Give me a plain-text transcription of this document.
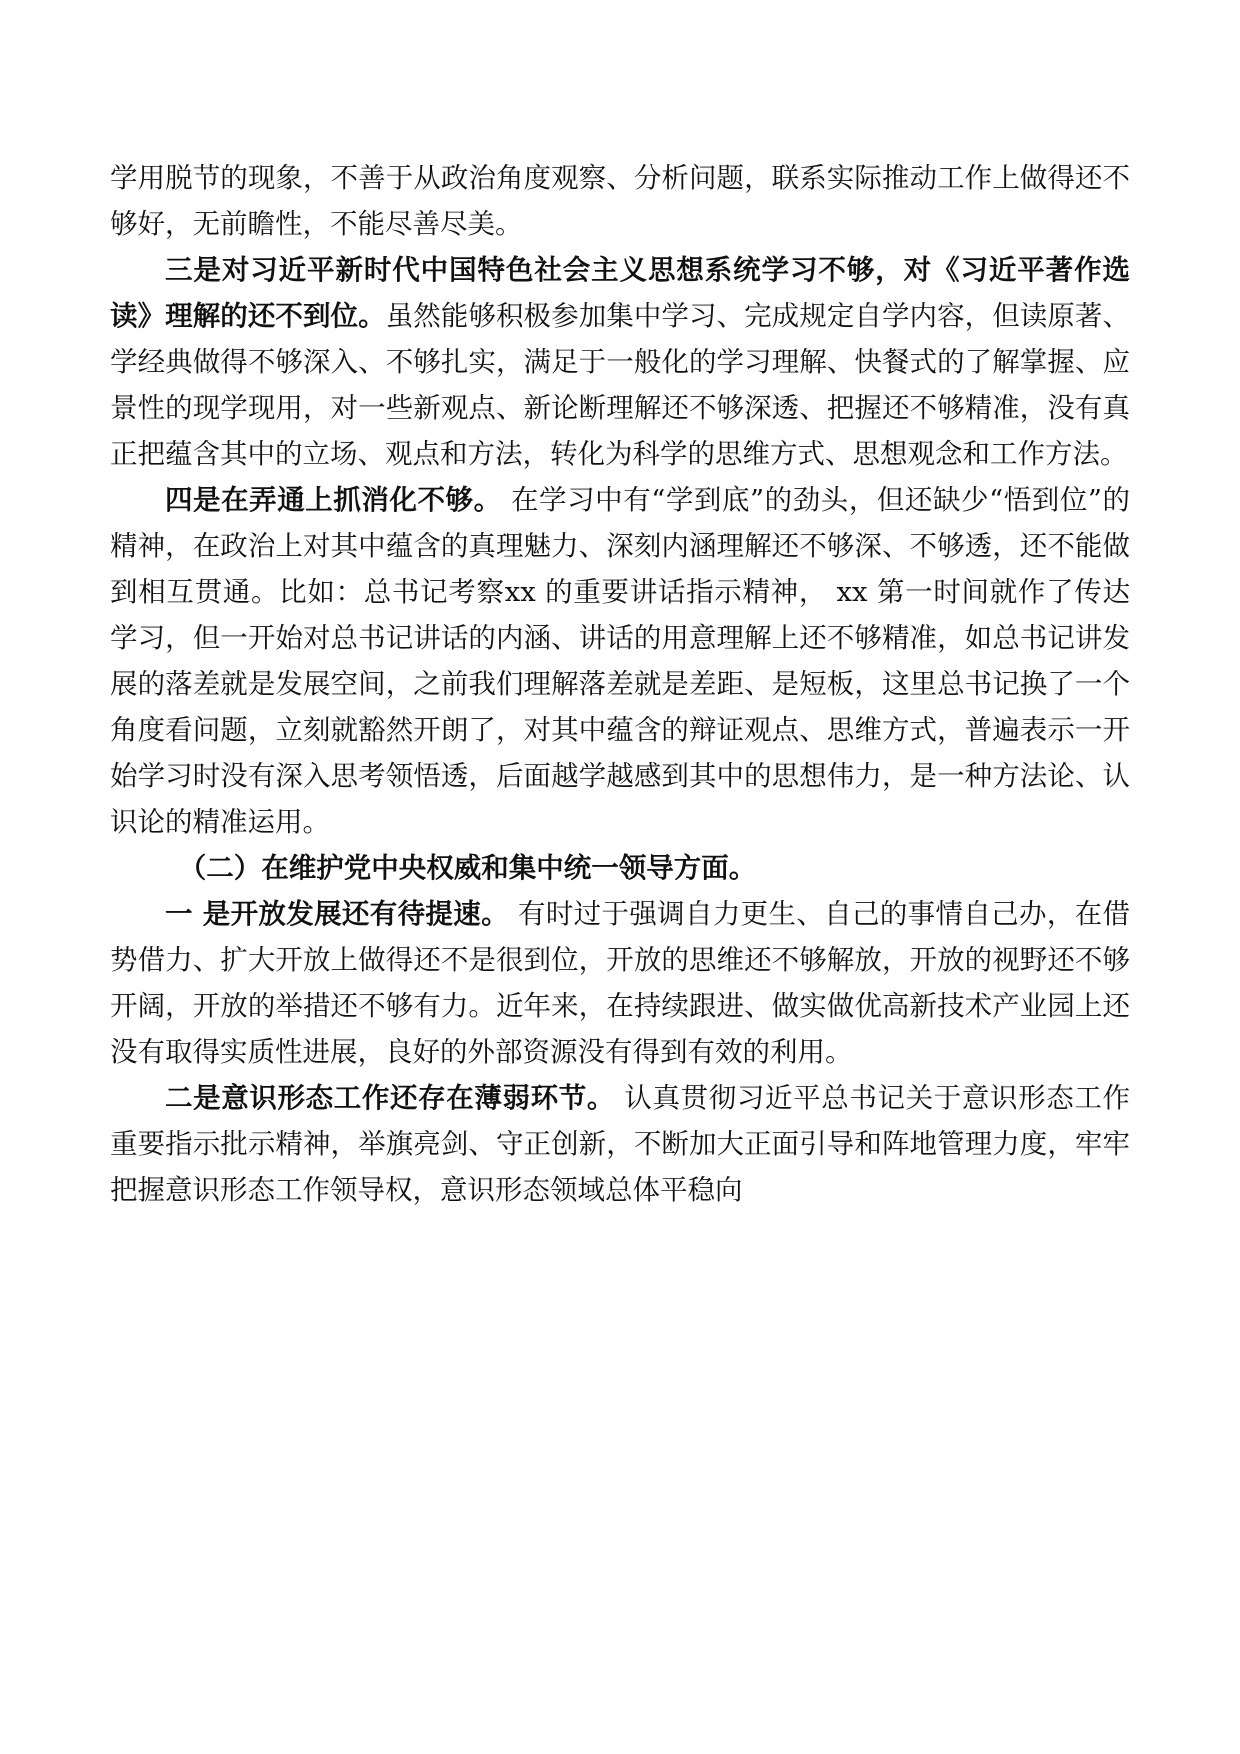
学用脱节的现象，不善于从政治角度观察、分析问题，联系实际推动工作上做得还不够好，无前瞻性，不能尽善尽美。

三是对习近平新时代中国特色社会主义思想系统学习不够，对《习近平著作选读》理解的还不到位。虽然能够积极参加集中学习、完成规定自学内容，但读原著、学经典做得不够深入、不够扎实，满足于一般化的学习理解、快餐式的了解掌握、应景性的现学现用，对一些新观点、新论断理解还不够深透、把握还不够精准，没有真正把蕴含其中的立场、观点和方法，转化为科学的思维方式、思想观念和工作方法。

四是在弄通上抓消化不够。 在学习中有“学到底”的劲头，但还缺少“悟到位”的精神，在政治上对其中蕴含的真理魅力、深刻内涵理解还不够深、不够透，还不能做到相互贯通。比如：总书记考察xx 的重要讲话指示精神， xx 第一时间就作了传达学习，但一开始对总书记讲话的内涵、讲话的用意理解上还不够精准，如总书记讲发展的落差就是发展空间，之前我们理解落差就是差距、是短板，这里总书记换了一个角度看问题，立刻就豁然开朗了，对其中蕴含的辩证观点、思维方式，普遍表示一开始学习时没有深入思考领悟透，后面越学越感到其中的思想伟力，是一种方法论、认识论的精准运用。

（二）在维护党中央权威和集中统一领导方面。

一 是开放发展还有待提速。 有时过于强调自力更生、自己的事情自己办，在借势借力、扩大开放上做得还不是很到位，开放的思维还不够解放，开放的视野还不够开阔，开放的举措还不够有力。近年来，在持续跟进、做实做优高新技术产业园上还没有取得实质性进展，良好的外部资源没有得到有效的利用。

二是意识形态工作还存在薄弱环节。 认真贯彻习近平总书记关于意识形态工作重要指示批示精神，举旗亮剑、守正创新，不断加大正面引导和阵地管理力度，牢牢把握意识形态工作领导权，意识形态领域总体平稳向
